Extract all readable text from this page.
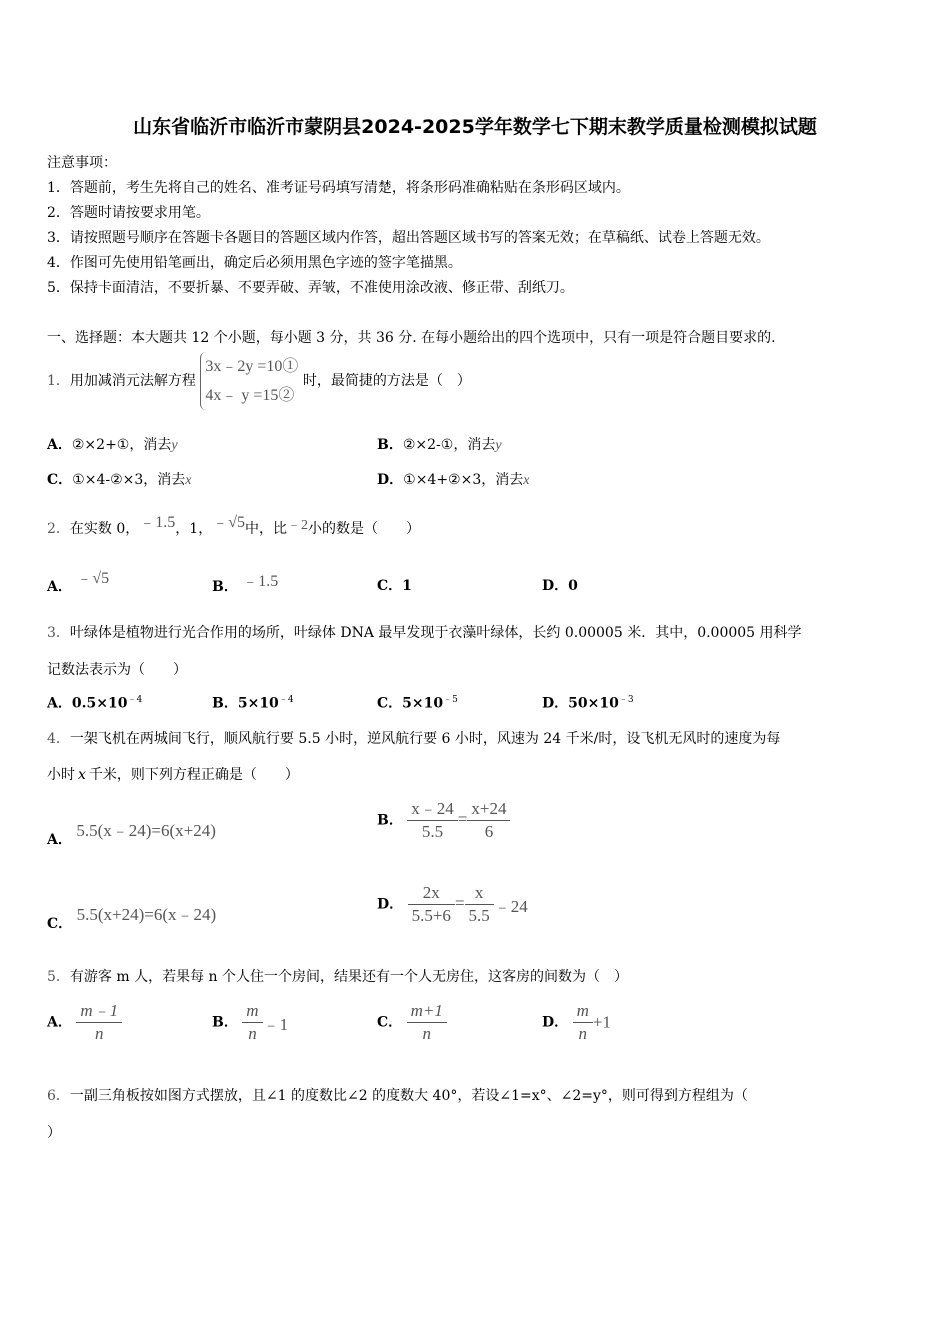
山东省临沂市临沂市蒙阴县2024-2025学年数学七下期末教学质量检测模拟试题
注意事项：
1．答题前，考生先将自己的姓名、准考证号码填写清楚，将条形码准确粘贴在条形码区域内。
2．答题时请按要求用笔。
3．请按照题号顺序在答题卡各题目的答题区域内作答，超出答题区域书写的答案无效；在草稿纸、试卷上答题无效。
4．作图可先使用铅笔画出，确定后必须用黑色字迹的签字笔描黑。
5．保持卡面清洁，不要折暴、不要弄破、弄皱，不准使用涂改液、修正带、刮纸刀。
一、选择题：本大题共 12 个小题，每小题 3 分，共 36 分. 在每小题给出的四个选项中，只有一项是符合题目要求的.
1．用加减消元法解方程
3x﹣2y =10①
4x﹣ y =15②
时，最简捷的方法是（　）
A．②×2+①，消去y	B．②×2-①，消去y
C．①×4-②×3，消去x	D．①×4+②×3，消去x
2．在实数 0，﹣1.5，1，﹣√5中，比﹣2小的数是（　　）
A． ﹣√5	B． ﹣1.5	C．1	D．0
3．叶绿体是植物进行光合作用的场所，叶绿体 DNA 最早发现于衣藻叶绿体，长约 0.00005 米．其中，0.00005 用科学
记数法表示为（　　）
A．$0.5\times 10^{﹣4}$	B．$5\times 10^{﹣4}$	C．$5\times 10^{﹣5}$	D．$50\times 10^{﹣3}$
4．一架飞机在两城间飞行，顺风航行要 5.5 小时，逆风航行要 6 小时，风速为 24 千米/时，设飞机无风时的速度为每
小时 x 千米，则下列方程正确是（　　）
A． 5.5(x﹣24)=6(x+24)
B． $\frac{x﹣24}{5.5} = \frac{x+24}{6}$
C． 5.5(x+24)=6(x﹣24)
D． $\frac{2x}{5.5+6} = \frac{x}{5.5}$ ﹣24
5．有游客 m 人，若果每 n 个人住一个房间，结果还有一个人无房住，这客房的间数为（　）
A． $\frac{m﹣1}{n}$	B． $\frac{m}{n}$ ﹣1	C． $\frac{m+1}{n}$	D． $\frac{m}{n} +1$
6．一副三角板按如图方式摆放，且∠1 的度数比∠2 的度数大 40°，若设∠1=x°、∠2=y°，则可得到方程组为（
）
